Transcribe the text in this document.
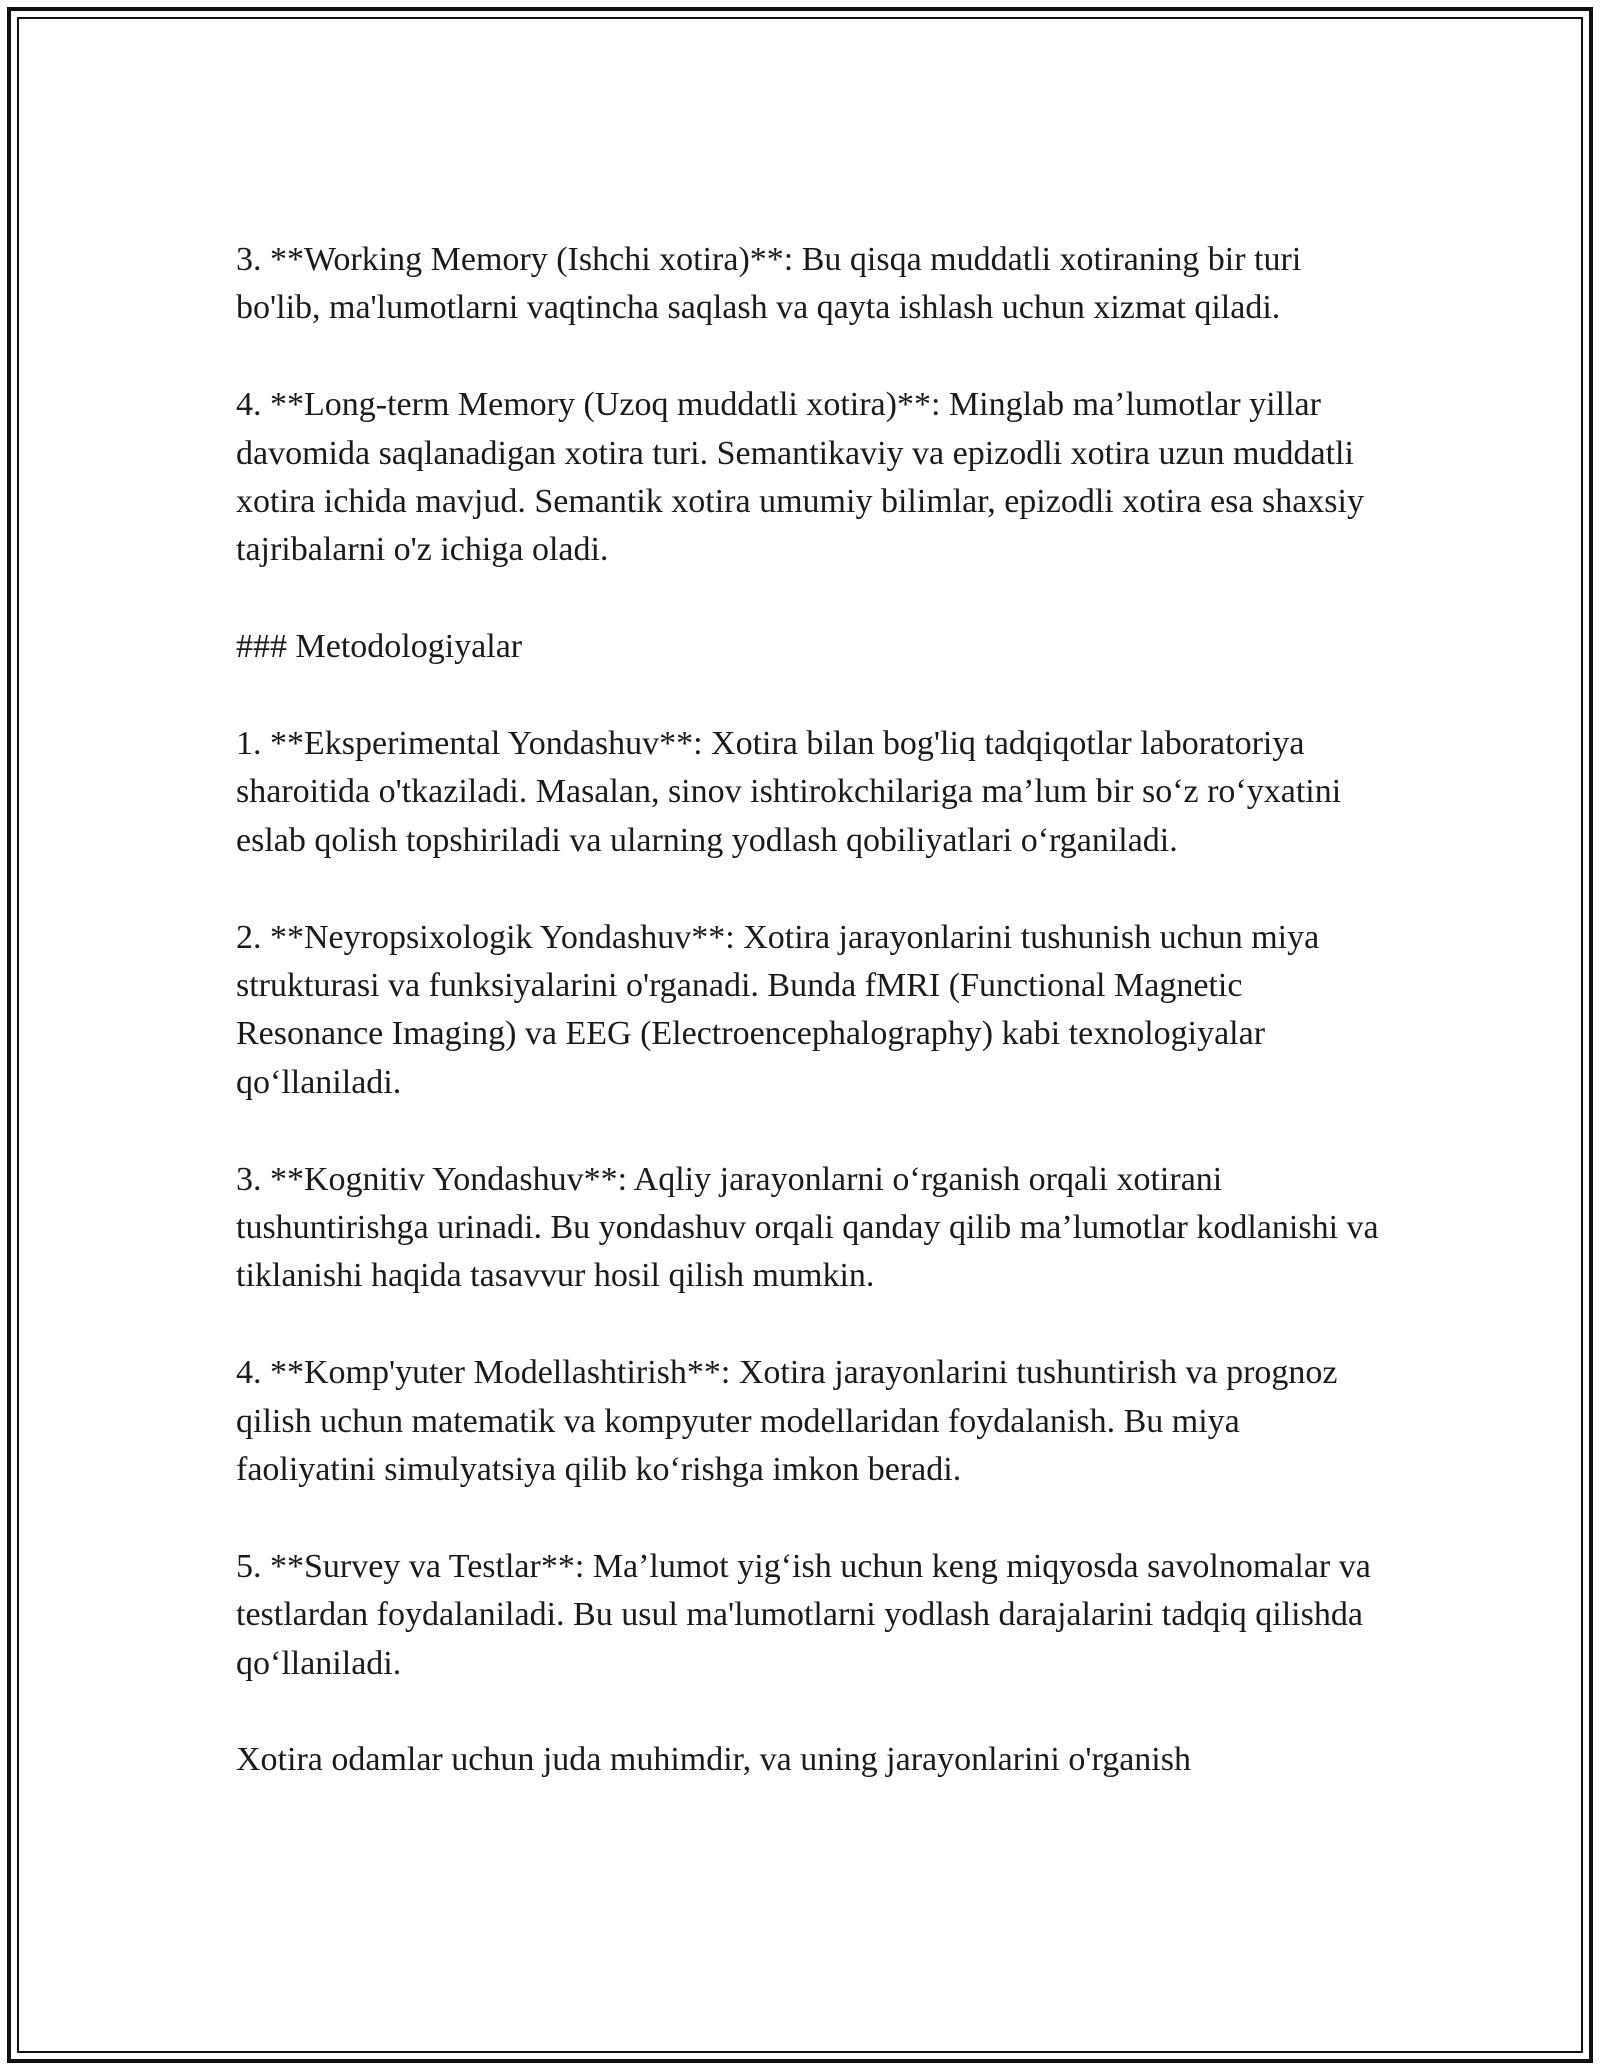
3. **Working Memory (Ishchi xotira)**: Bu qisqa muddatli xotiraning bir turi bo'lib, ma'lumotlarni vaqtincha saqlash va qayta ishlash uchun xizmat qiladi.

4. **Long-term Memory (Uzoq muddatli xotira)**: Minglab ma’lumotlar yillar davomida saqlanadigan xotira turi. Semantikaviy va epizodli xotira uzun muddatli xotira ichida mavjud. Semantik xotira umumiy bilimlar, epizodli xotira esa shaxsiy tajribalarni o'z ichiga oladi.

### Metodologiyalar

1. **Eksperimental Yondashuv**: Xotira bilan bog'liq tadqiqotlar laboratoriya sharoitida o'tkaziladi. Masalan, sinov ishtirokchilariga ma’lum bir so‘z ro‘yxatini eslab qolish topshiriladi va ularning yodlash qobiliyatlari o‘rganiladi.

2. **Neyropsixologik Yondashuv**: Xotira jarayonlarini tushunish uchun miya strukturasi va funksiyalarini o'rganadi. Bunda fMRI (Functional Magnetic Resonance Imaging) va EEG (Electroencephalography) kabi texnologiyalar qo‘llaniladi.

3. **Kognitiv Yondashuv**: Aqliy jarayonlarni o‘rganish orqali xotirani tushuntirishga urinadi. Bu yondashuv orqali qanday qilib ma’lumotlar kodlanishi va tiklanishi haqida tasavvur hosil qilish mumkin.

4. **Komp'yuter Modellashtirish**: Xotira jarayonlarini tushuntirish va prognoz qilish uchun matematik va kompyuter modellaridan foydalanish. Bu miya faoliyatini simulyatsiya qilib ko‘rishga imkon beradi.

5. **Survey va Testlar**: Ma’lumot yig‘ish uchun keng miqyosda savolnomalar va testlardan foydalaniladi. Bu usul ma'lumotlarni yodlash darajalarini tadqiq qilishda qo‘llaniladi.

Xotira odamlar uchun juda muhimdir, va uning jarayonlarini o'rganish
